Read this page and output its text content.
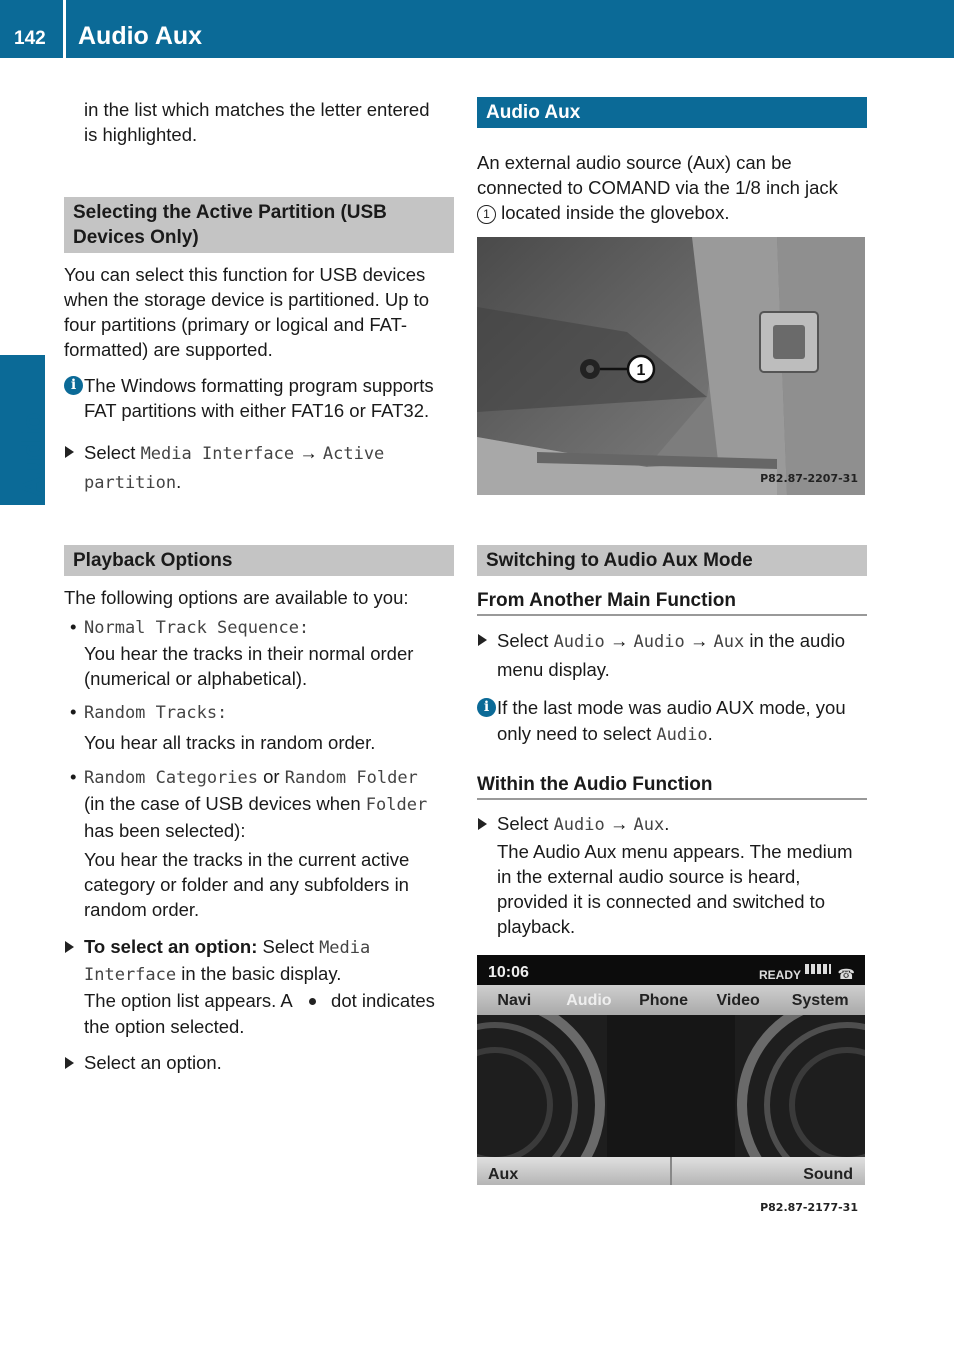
142 Audio Aux
Audio
in the list which matches the letter entered
is highlighted.
Selecting the Active Partition (USB Devices Only)
You can select this function for USB devices when the storage device is partitioned. Up to four partitions (primary or logical and FAT-formatted) are supported.
i The Windows formatting program supports FAT partitions with either FAT16 or FAT32.
Select Media Interface → Active partition.
Playback Options
The following options are available to you:
• Normal Track Sequence:
You hear the tracks in their normal order (numerical or alphabetical).
• Random Tracks:
You hear all tracks in random order.
• Random Categories or Random Folder
(in the case of USB devices when Folder has been selected):
You hear the tracks in the current active category or folder and any subfolders in random order.
To select an option: Select Media Interface in the basic display.
The option list appears. A dot indicates the option selected.
Select an option.
Audio Aux
An external audio source (Aux) can be connected to COMAND via the 1/8 inch jack
1 located inside the glovebox.
1
P82.87-2207-31
Switching to Audio Aux Mode
From Another Main Function
Select Audio → Audio → Aux in the audio menu display.
i If the last mode was audio AUX mode, you only need to select Audio.
Within the Audio Function
Select Audio → Aux.
The Audio Aux menu appears. The medium in the external audio source is heard, provided it is connected and switched to playback.
10:06	READY	☎
Navi	Audio	Phone	Video	System
Aux	Sound
P82.87-2177-31
